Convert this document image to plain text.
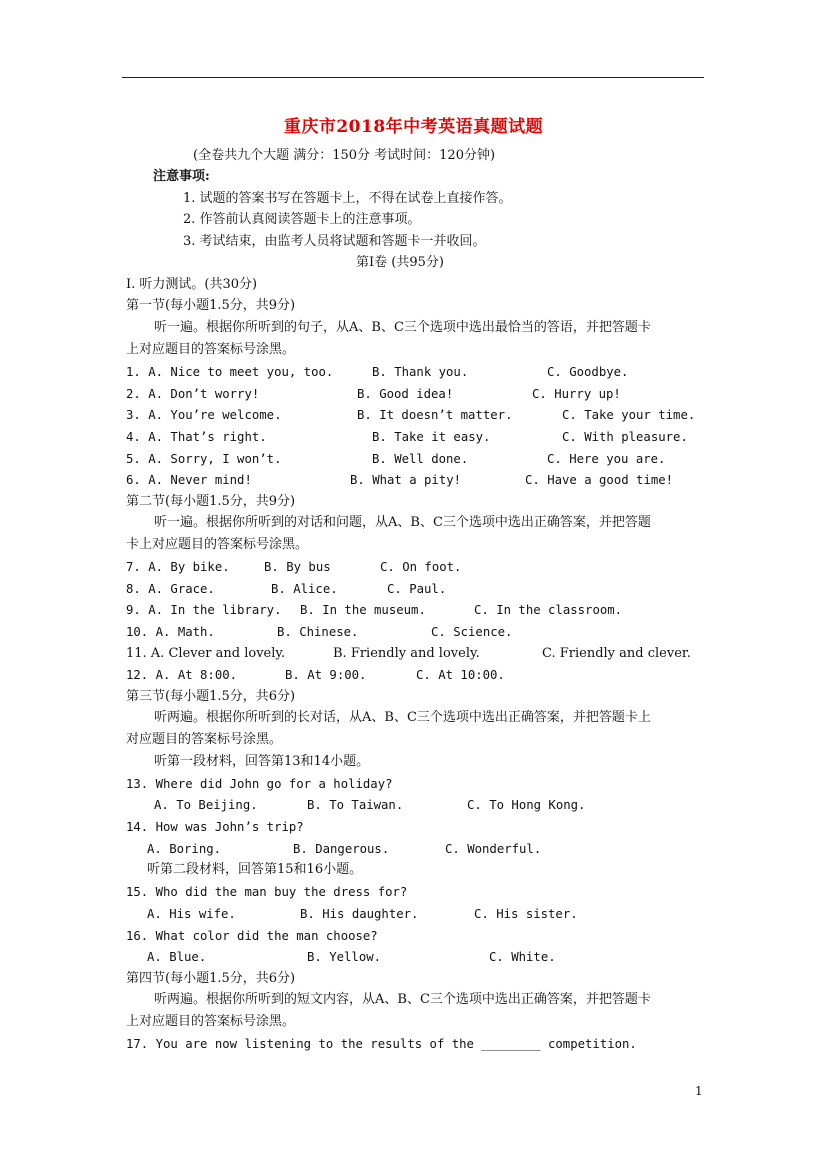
重庆市2018年中考英语真题试题
(全卷共九个大题 满分：150分 考试时间：120分钟)
注意事项:
1. 试题的答案书写在答题卡上，不得在试卷上直接作答。
2. 作答前认真阅读答题卡上的注意事项。
3. 考试结束，由监考人员将试题和答题卡一并收回。
第Ⅰ卷 (共95分)
Ⅰ. 听力测试。(共30分)
第一节(每小题1.5分，共9分)
听一遍。根据你所听到的句子，从A、B、C三个选项中选出最恰当的答语，并把答题卡
上对应题目的答案标号涂黑。
1. A. Nice to meet you, too.	B. Thank you.	C. Goodbye.
2. A. Don’t worry!	B. Good idea!	C. Hurry up!
3. A. You’re welcome.	B. It doesn’t matter.	C. Take your time.
4. A. That’s right.	B. Take it easy.	C. With pleasure.
5. A. Sorry, I won’t.	B. Well done.	C. Here you are.
6. A. Never mind!	B. What a pity!	C. Have a good time!
第二节(每小题1.5分，共9分)
听一遍。根据你所听到的对话和问题，从A、B、C三个选项中选出正确答案，并把答题
卡上对应题目的答案标号涂黑。
7. A. By bike.	B. By bus	C. On foot.
8. A. Grace.	B. Alice.	C. Paul.
9. A. In the library. B. In the museum.	C. In the classroom.
10. A. Math.	B. Chinese.	C. Science.
11. A. Clever and lovely.	B. Friendly and lovely.	C. Friendly and clever.
12. A. At 8:00.	B. At 9:00.	C. At 10:00.
第三节(每小题1.5分，共6分)
听两遍。根据你所听到的长对话，从A、B、C三个选项中选出正确答案，并把答题卡上
对应题目的答案标号涂黑。
听第一段材料，回答第13和14小题。
13. Where did John go for a holiday?
A. To Beijing.	B. To Taiwan.	C. To Hong Kong.
14. How was John’s trip?
A. Boring.	B. Dangerous.	C. Wonderful.
听第二段材料，回答第15和16小题。
15. Who did the man buy the dress for?
A. His wife.	B. His daughter.	C. His sister.
16. What color did the man choose?
A. Blue.	B. Yellow.	C. White.
第四节(每小题1.5分，共6分)
听两遍。根据你所听到的短文内容，从A、B、C三个选项中选出正确答案，并把答题卡
上对应题目的答案标号涂黑。
17. You are now listening to the results of the ________ competition.
1
